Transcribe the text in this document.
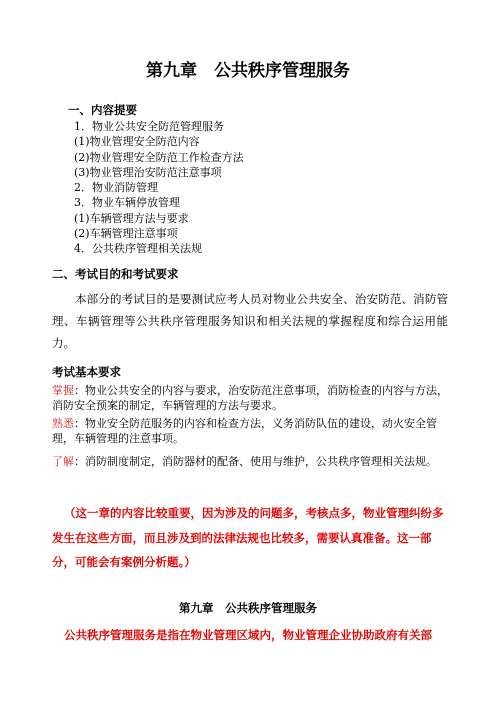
第九章　公共秩序管理服务
一、内容提要
1．物业公共安全防范管理服务
(1)物业管理安全防范内容
(2)物业管理安全防范工作检查方法
(3)物业管理治安防范注意事项
2．物业消防管理
3．物业车辆停放管理
(1)车辆管理方法与要求
(2)车辆管理注意事项
4．公共秩序管理相关法规
二、考试目的和考试要求
本部分的考试目的是要测试应考人员对物业公共安全、治安防范、消防管理、车辆管理等公共秩序管理服务知识和相关法规的掌握程度和综合运用能力。
考试基本要求
掌握：物业公共安全的内容与要求，治安防范注意事项，消防检查的内容与方法，消防安全预案的制定，车辆管理的方法与要求。
熟悉：物业安全防范服务的内容和检查方法，义务消防队伍的建设，动火安全管理，车辆管理的注意事项。
了解：消防制度制定，消防器材的配备、使用与维护，公共秩序管理相关法规。
（这一章的内容比较重要，因为涉及的问题多，考核点多，物业管理纠纷多发生在这些方面，而且涉及到的法律法规也比较多，需要认真准备。这一部分，可能会有案例分析题。）
第九章　公共秩序管理服务
公共秩序管理服务是指在物业管理区域内，物业管理企业协助政府有关部
